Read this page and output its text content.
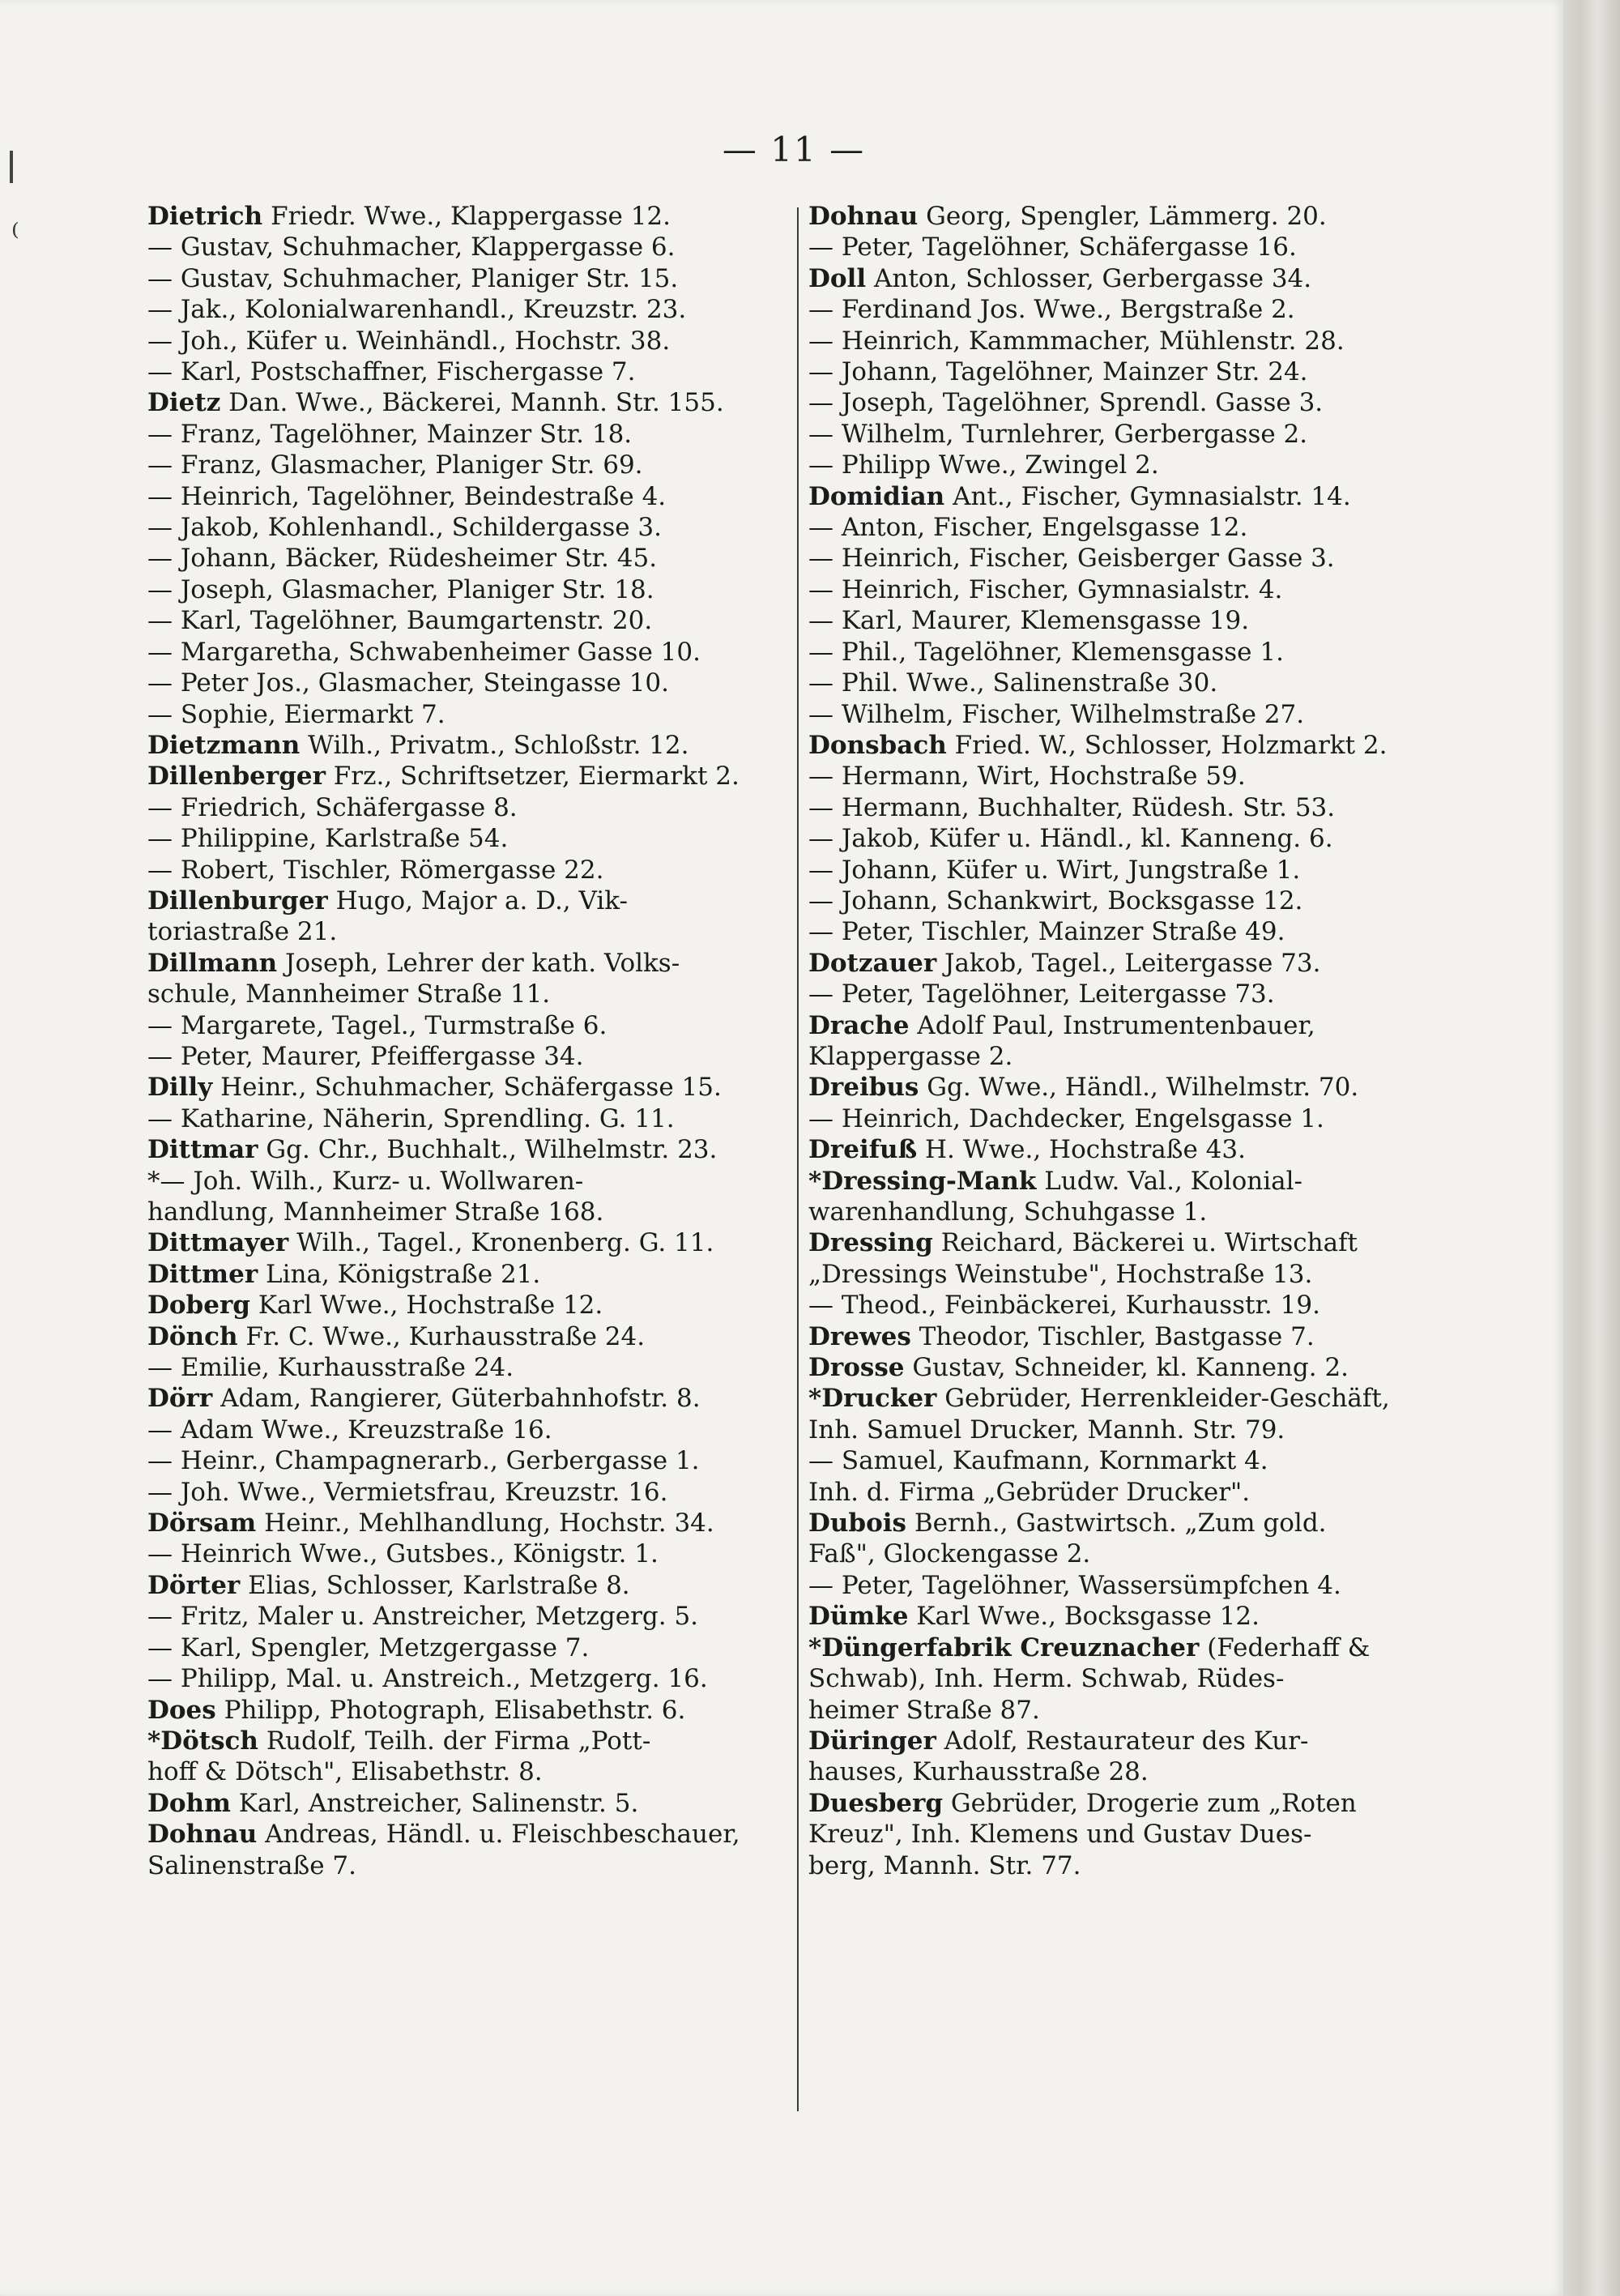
⁽
— 11 —
Dietrich Friedr. Wwe., Klappergasse 12.
— Gustav, Schuhmacher, Klappergasse 6.
— Gustav, Schuhmacher, Planiger Str. 15.
— Jak., Kolonialwarenhandl., Kreuzstr. 23.
— Joh., Küfer u. Weinhändl., Hochstr. 38.
— Karl, Postschaffner, Fischergasse 7.
Dietz Dan. Wwe., Bäckerei, Mannh. Str. 155.
— Franz, Tagelöhner, Mainzer Str. 18.
— Franz, Glasmacher, Planiger Str. 69.
— Heinrich, Tagelöhner, Beindestraße 4.
— Jakob, Kohlenhandl., Schildergasse 3.
— Johann, Bäcker, Rüdesheimer Str. 45.
— Joseph, Glasmacher, Planiger Str. 18.
— Karl, Tagelöhner, Baumgartenstr. 20.
— Margaretha, Schwabenheimer Gasse 10.
— Peter Jos., Glasmacher, Steingasse 10.
— Sophie, Eiermarkt 7.
Dietzmann Wilh., Privatm., Schloßstr. 12.
Dillenberger Frz., Schriftsetzer, Eiermarkt 2.
— Friedrich, Schäfergasse 8.
— Philippine, Karlstraße 54.
— Robert, Tischler, Römergasse 22.
Dillenburger Hugo, Major a. D., Vik-
toriastraße 21.
Dillmann Joseph, Lehrer der kath. Volks-
schule, Mannheimer Straße 11.
— Margarete, Tagel., Turmstraße 6.
— Peter, Maurer, Pfeiffergasse 34.
Dilly Heinr., Schuhmacher, Schäfergasse 15.
— Katharine, Näherin, Sprendling. G. 11.
Dittmar Gg. Chr., Buchhalt., Wilhelmstr. 23.
*— Joh. Wilh., Kurz- u. Wollwaren-
handlung, Mannheimer Straße 168.
Dittmayer Wilh., Tagel., Kronenberg. G. 11.
Dittmer Lina, Königstraße 21.
Doberg Karl Wwe., Hochstraße 12.
Dönch Fr. C. Wwe., Kurhausstraße 24.
— Emilie, Kurhausstraße 24.
Dörr Adam, Rangierer, Güterbahnhofstr. 8.
— Adam Wwe., Kreuzstraße 16.
— Heinr., Champagnerarb., Gerbergasse 1.
— Joh. Wwe., Vermietsfrau, Kreuzstr. 16.
Dörsam Heinr., Mehlhandlung, Hochstr. 34.
— Heinrich Wwe., Gutsbes., Königstr. 1.
Dörter Elias, Schlosser, Karlstraße 8.
— Fritz, Maler u. Anstreicher, Metzgerg. 5.
— Karl, Spengler, Metzgergasse 7.
— Philipp, Mal. u. Anstreich., Metzgerg. 16.
Does Philipp, Photograph, Elisabethstr. 6.
*Dötsch Rudolf, Teilh. der Firma „Pott-
hoff & Dötsch", Elisabethstr. 8.
Dohm Karl, Anstreicher, Salinenstr. 5.
Dohnau Andreas, Händl. u. Fleischbeschauer,
Salinenstraße 7.
Dohnau Georg, Spengler, Lämmerg. 20.
— Peter, Tagelöhner, Schäfergasse 16.
Doll Anton, Schlosser, Gerbergasse 34.
— Ferdinand Jos. Wwe., Bergstraße 2.
— Heinrich, Kammmacher, Mühlenstr. 28.
— Johann, Tagelöhner, Mainzer Str. 24.
— Joseph, Tagelöhner, Sprendl. Gasse 3.
— Wilhelm, Turnlehrer, Gerbergasse 2.
— Philipp Wwe., Zwingel 2.
Domidian Ant., Fischer, Gymnasialstr. 14.
— Anton, Fischer, Engelsgasse 12.
— Heinrich, Fischer, Geisberger Gasse 3.
— Heinrich, Fischer, Gymnasialstr. 4.
— Karl, Maurer, Klemensgasse 19.
— Phil., Tagelöhner, Klemensgasse 1.
— Phil. Wwe., Salinenstraße 30.
— Wilhelm, Fischer, Wilhelmstraße 27.
Donsbach Fried. W., Schlosser, Holzmarkt 2.
— Hermann, Wirt, Hochstraße 59.
— Hermann, Buchhalter, Rüdesh. Str. 53.
— Jakob, Küfer u. Händl., kl. Kanneng. 6.
— Johann, Küfer u. Wirt, Jungstraße 1.
— Johann, Schankwirt, Bocksgasse 12.
— Peter, Tischler, Mainzer Straße 49.
Dotzauer Jakob, Tagel., Leitergasse 73.
— Peter, Tagelöhner, Leitergasse 73.
Drache Adolf Paul, Instrumentenbauer,
Klappergasse 2.
Dreibus Gg. Wwe., Händl., Wilhelmstr. 70.
— Heinrich, Dachdecker, Engelsgasse 1.
Dreifuß H. Wwe., Hochstraße 43.
*Dressing-Mank Ludw. Val., Kolonial-
warenhandlung, Schuhgasse 1.
Dressing Reichard, Bäckerei u. Wirtschaft
„Dressings Weinstube", Hochstraße 13.
— Theod., Feinbäckerei, Kurhausstr. 19.
Drewes Theodor, Tischler, Bastgasse 7.
Drosse Gustav, Schneider, kl. Kanneng. 2.
*Drucker Gebrüder, Herrenkleider-Geschäft,
Inh. Samuel Drucker, Mannh. Str. 79.
— Samuel, Kaufmann, Kornmarkt 4.
Inh. d. Firma „Gebrüder Drucker".
Dubois Bernh., Gastwirtsch. „Zum gold.
Faß", Glockengasse 2.
— Peter, Tagelöhner, Wassersümpfchen 4.
Dümke Karl Wwe., Bocksgasse 12.
*Düngerfabrik Creuznacher (Federhaff &
Schwab), Inh. Herm. Schwab, Rüdes-
heimer Straße 87.
Düringer Adolf, Restaurateur des Kur-
hauses, Kurhausstraße 28.
Duesberg Gebrüder, Drogerie zum „Roten
Kreuz", Inh. Klemens und Gustav Dues-
berg, Mannh. Str. 77.
